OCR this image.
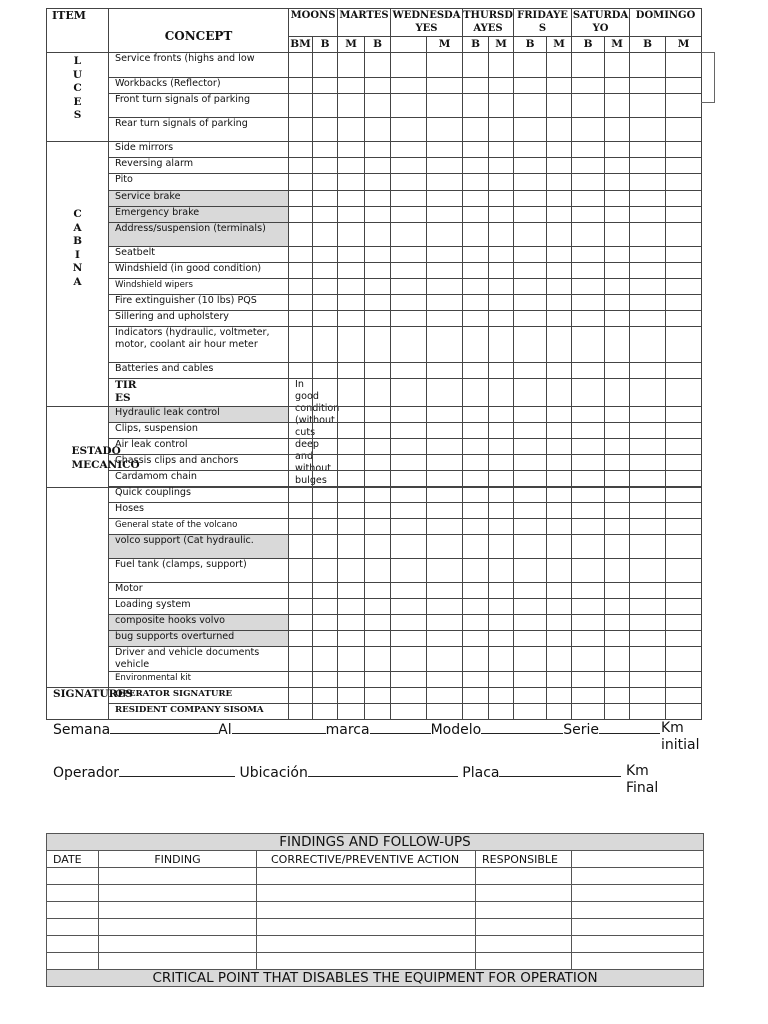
ITEM	CONCEPT	MOONS		MARTES		WEDNESDAYES		THURSDAYES		FRIDAYES		SATURDAYO		DOMINGO		
		BM	B	M	B		M	B	M	B	M	B	M	B	M	
LUCES	Service fronts (highs and low															
	Workbacks (Reflector)															
	Front turn signals of parking															
	Rear turn signals of parking															
CABINA	Side mirrors															
	Reversing alarm															
	Pito															
	Service brake															
	Emergency brake															
	Address/suspension (terminals)															
	Seatbelt															
	Windshield (in good condition)															
	Windshield wipers															
	Fire extinguisher (10 lbs) PQS															
	Sillering and upholstery															
	Indicators (hydraulic, voltmeter, motor, coolant air hour meter															
	Batteries and cables															
	TIRES	In good condition (without cuts deep and without bulges														
ESTADO MECANICO	Hydraulic leak control														
	Clips, suspension														
	Air leak control														
	Chassis clips and anchors														
	Cardamom chain														
	Quick couplings														
	Hoses														
	General state of the volcano														
	volco support (Cat hydraulic.														
	Fuel tank (clamps, support)														
	Motor														
	Loading system														
	composite hooks volvo														
	bug supports overturned														
	Driver and vehicle documents vehicle														
	Environmental kit														
SIGNATURES	OPERATOR SIGNATURE														
	RESIDENT COMPANY SISOMA														
Semana	Al	marca	Modelo	Serie	Km initial
Operador	Ubicación	Placa	Km Final
FINDINGS AND FOLLOW-UPS				
DATE	FINDING	CORRECTIVE/PREVENTIVE ACTION	RESPONSIBLE	

CRITICAL POINT THAT DISABLES THE EQUIPMENT FOR OPERATION				
